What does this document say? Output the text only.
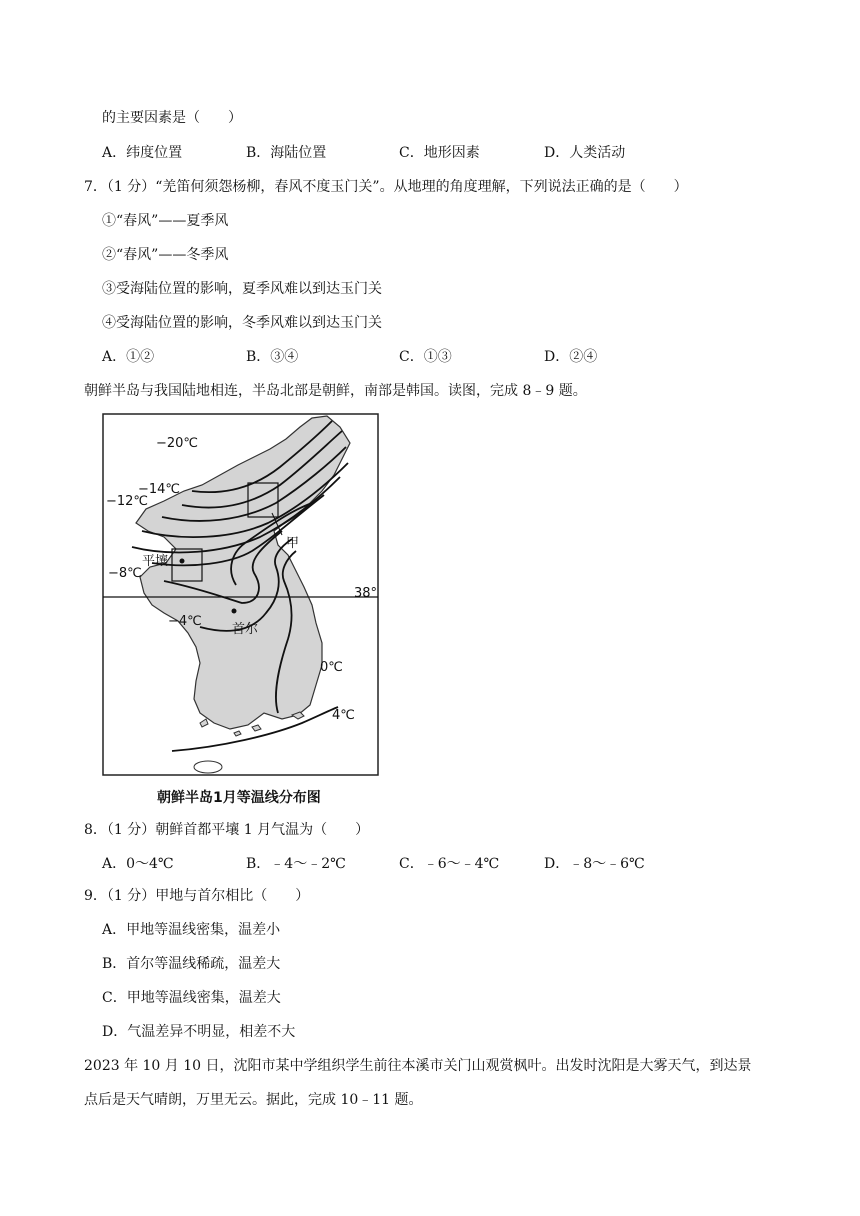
的主要因素是（　　）
A．纬度位置	B．海陆位置	C．地形因素	D．人类活动
7．（1 分）“羌笛何须怨杨柳，春风不度玉门关”。从地理的角度理解，下列说法正确的是（　　）
①“春风”——夏季风
②“春风”——冬季风
③受海陆位置的影响，夏季风难以到达玉门关
④受海陆位置的影响，冬季风难以到达玉门关
A．①②	B．③④	C．①③	D．②④
朝鲜半岛与我国陆地相连，半岛北部是朝鲜，南部是韩国。读图，完成 8﹣9 题。
−20℃
−14℃
−12℃
−8℃
−4℃
0℃
4℃
38°
甲
平壤
首尔
朝鲜半岛1月等温线分布图
8．（1 分）朝鲜首都平壤 1 月气温为（　　）
A．0～4℃	B．﹣4～﹣2℃	C．﹣6～﹣4℃	D．﹣8～﹣6℃
9．（1 分）甲地与首尔相比（　　）
A．甲地等温线密集，温差小
B．首尔等温线稀疏，温差大
C．甲地等温线密集，温差大
D．气温差异不明显，相差不大
2023 年 10 月 10 日，沈阳市某中学组织学生前往本溪市关门山观赏枫叶。出发时沈阳是大雾天气，到达景
点后是天气晴朗，万里无云。据此，完成 10﹣11 题。
